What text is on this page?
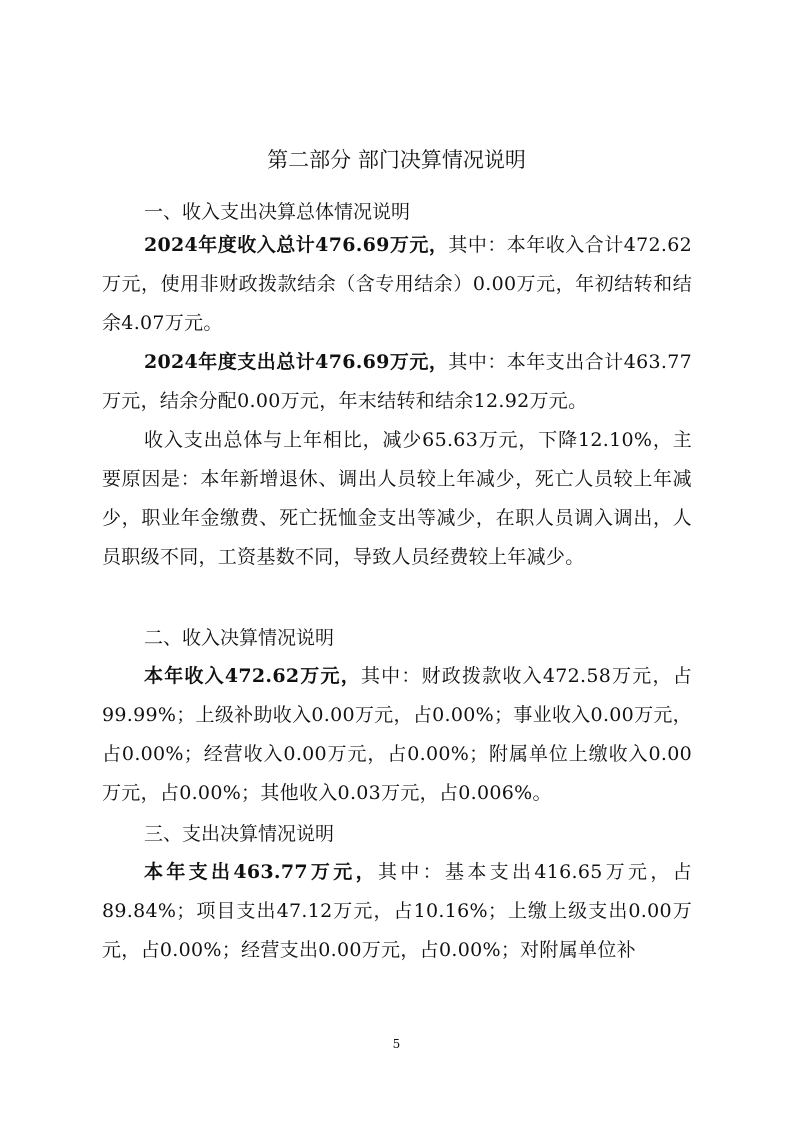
第二部分 部门决算情况说明
一、收入支出决算总体情况说明

2024年度收入总计476.69万元，其中：本年收入合计472.62万元，使用非财政拨款结余（含专用结余）0.00万元，年初结转和结余4.07万元。

2024年度支出总计476.69万元，其中：本年支出合计463.77万元，结余分配0.00万元，年末结转和结余12.92万元。

收入支出总体与上年相比，减少65.63万元，下降12.10%，主要原因是：本年新增退休、调出人员较上年减少，死亡人员较上年减少，职业年金缴费、死亡抚恤金支出等减少，在职人员调入调出，人员职级不同，工资基数不同，导致人员经费较上年减少。

二、收入决算情况说明

本年收入472.62万元，其中：财政拨款收入472.58万元，占99.99%；上级补助收入0.00万元，占0.00%；事业收入0.00万元，占0.00%；经营收入0.00万元，占0.00%；附属单位上缴收入0.00万元，占0.00%；其他收入0.03万元，占0.006%。

三、支出决算情况说明

本年支出463.77万元，其中：基本支出416.65万元，占89.84%；项目支出47.12万元，占10.16%；上缴上级支出0.00万元，占0.00%；经营支出0.00万元，占0.00%；对附属单位补

5
